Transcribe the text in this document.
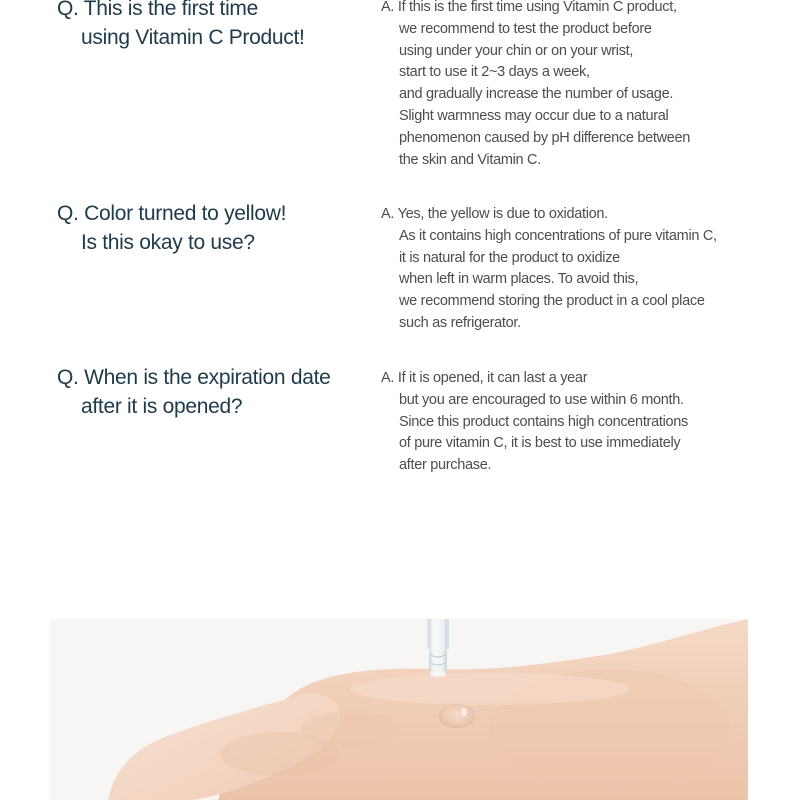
Q. This is the first time
using Vitamin C Product!
A. If this is the first time using Vitamin C product,
we recommend to test the product before
using under your chin or on your wrist,
start to use it 2~3 days a week,
and gradually increase the number of usage.
Slight warmness may occur due to a natural
phenomenon caused by pH difference between
the skin and Vitamin C.
Q. Color turned to yellow!
Is this okay to use?
A. Yes, the yellow is due to oxidation.
As it contains high concentrations of pure vitamin C,
it is natural for the product to oxidize
when left in warm places. To avoid this,
we recommend storing the product in a cool place
such as refrigerator.
Q. When is the expiration date
after it is opened?
A. If it is opened, it can last a year
but you are encouraged to use within 6 month.
Since this product contains high concentrations
of pure vitamin C, it is best to use immediately
after purchase.
